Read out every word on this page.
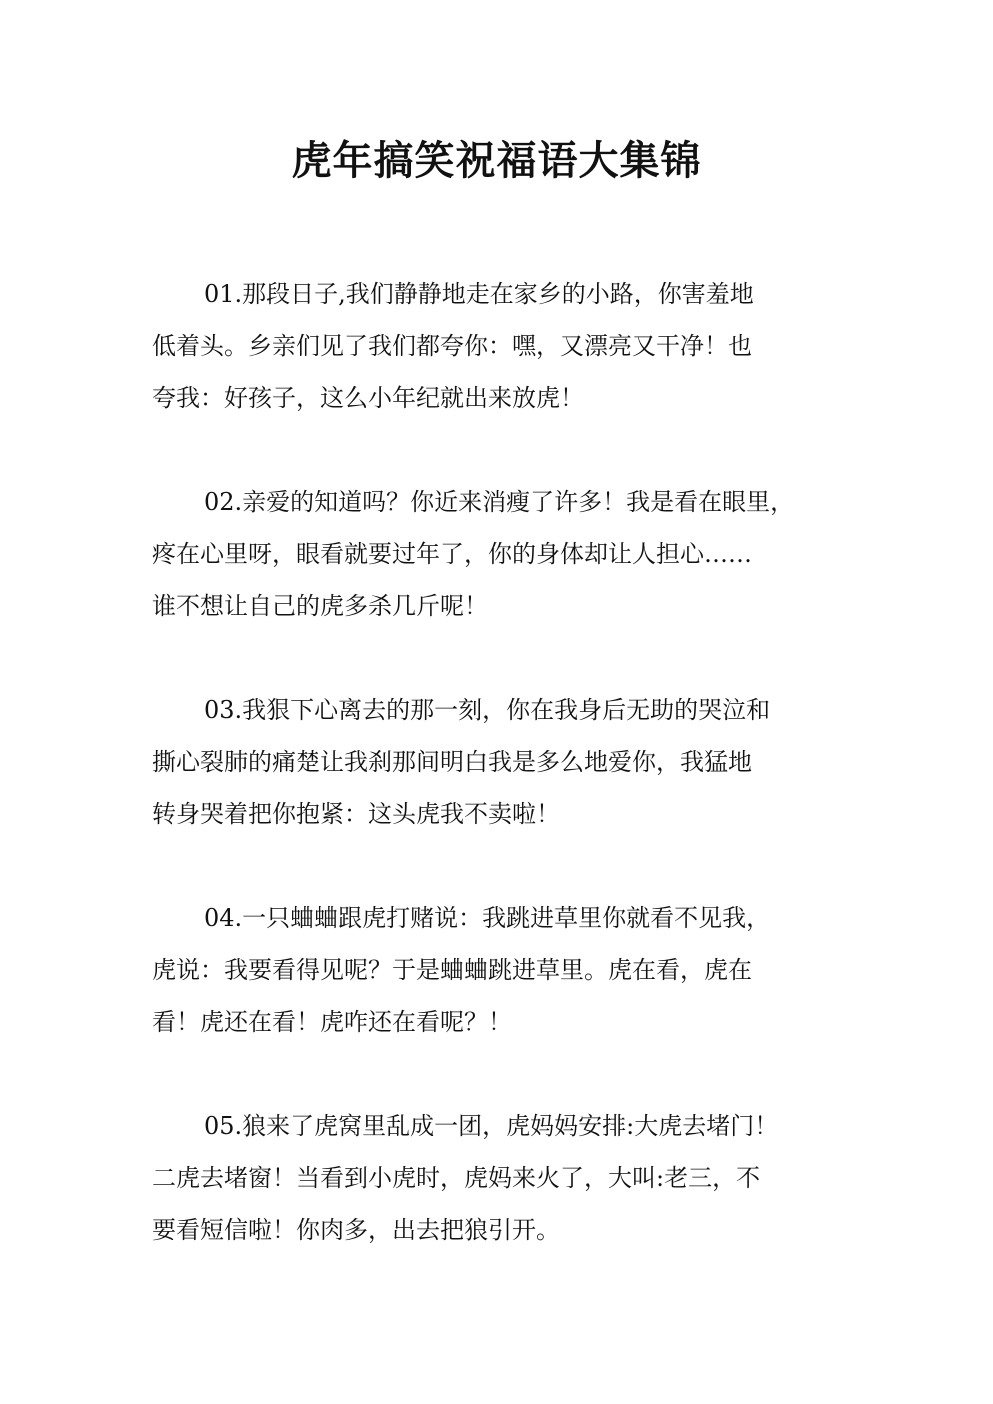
虎年搞笑祝福语大集锦
01.那段日子,我们静静地走在家乡的小路，你害羞地
低着头。乡亲们见了我们都夸你：嘿，又漂亮又干净！也
夸我：好孩子，这么小年纪就出来放虎！
02.亲爱的知道吗？你近来消瘦了许多！我是看在眼里，
疼在心里呀，眼看就要过年了，你的身体却让人担心……
谁不想让自己的虎多杀几斤呢！
03.我狠下心离去的那一刻，你在我身后无助的哭泣和
撕心裂肺的痛楚让我刹那间明白我是多么地爱你，我猛地
转身哭着把你抱紧：这头虎我不卖啦！
04.一只蛐蛐跟虎打赌说：我跳进草里你就看不见我，
虎说：我要看得见呢？于是蛐蛐跳进草里。虎在看，虎在
看！虎还在看！虎咋还在看呢？！
05.狼来了虎窝里乱成一团，虎妈妈安排:大虎去堵门！
二虎去堵窗！当看到小虎时，虎妈来火了，大叫:老三，不
要看短信啦！你肉多，出去把狼引开。
